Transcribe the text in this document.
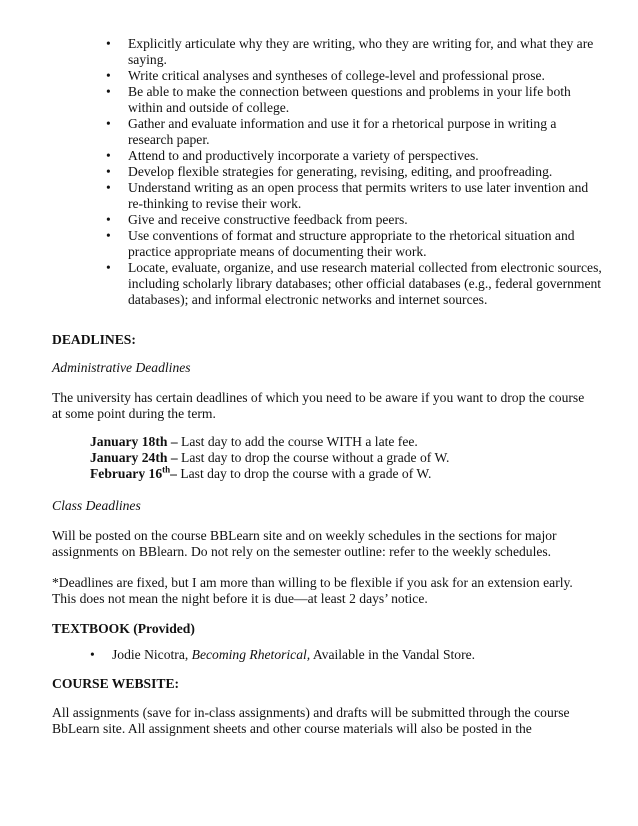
• Explicitly articulate why they are writing, who they are writing for, and what they are saying.
• Write critical analyses and syntheses of college-level and professional prose.
• Be able to make the connection between questions and problems in your life both within and outside of college.
• Gather and evaluate information and use it for a rhetorical purpose in writing a research paper.
• Attend to and productively incorporate a variety of perspectives.
• Develop flexible strategies for generating, revising, editing, and proofreading.
• Understand writing as an open process that permits writers to use later invention and re-thinking to revise their work.
• Give and receive constructive feedback from peers.
• Use conventions of format and structure appropriate to the rhetorical situation and practice appropriate means of documenting their work.
• Locate, evaluate, organize, and use research material collected from electronic sources, including scholarly library databases; other official databases (e.g., federal government databases); and informal electronic networks and internet sources.

DEADLINES:

Administrative Deadlines

The university has certain deadlines of which you need to be aware if you want to drop the course at some point during the term.

January 18th – Last day to add the course WITH a late fee.
January 24th – Last day to drop the course without a grade of W.
February 16th– Last day to drop the course with a grade of W.

Class Deadlines

Will be posted on the course BBLearn site and on weekly schedules in the sections for major assignments on BBlearn. Do not rely on the semester outline: refer to the weekly schedules.

*Deadlines are fixed, but I am more than willing to be flexible if you ask for an extension early. This does not mean the night before it is due—at least 2 days’ notice.

TEXTBOOK (Provided)

• Jodie Nicotra, Becoming Rhetorical, Available in the Vandal Store.

COURSE WEBSITE:

All assignments (save for in-class assignments) and drafts will be submitted through the course BbLearn site. All assignment sheets and other course materials will also be posted in the
